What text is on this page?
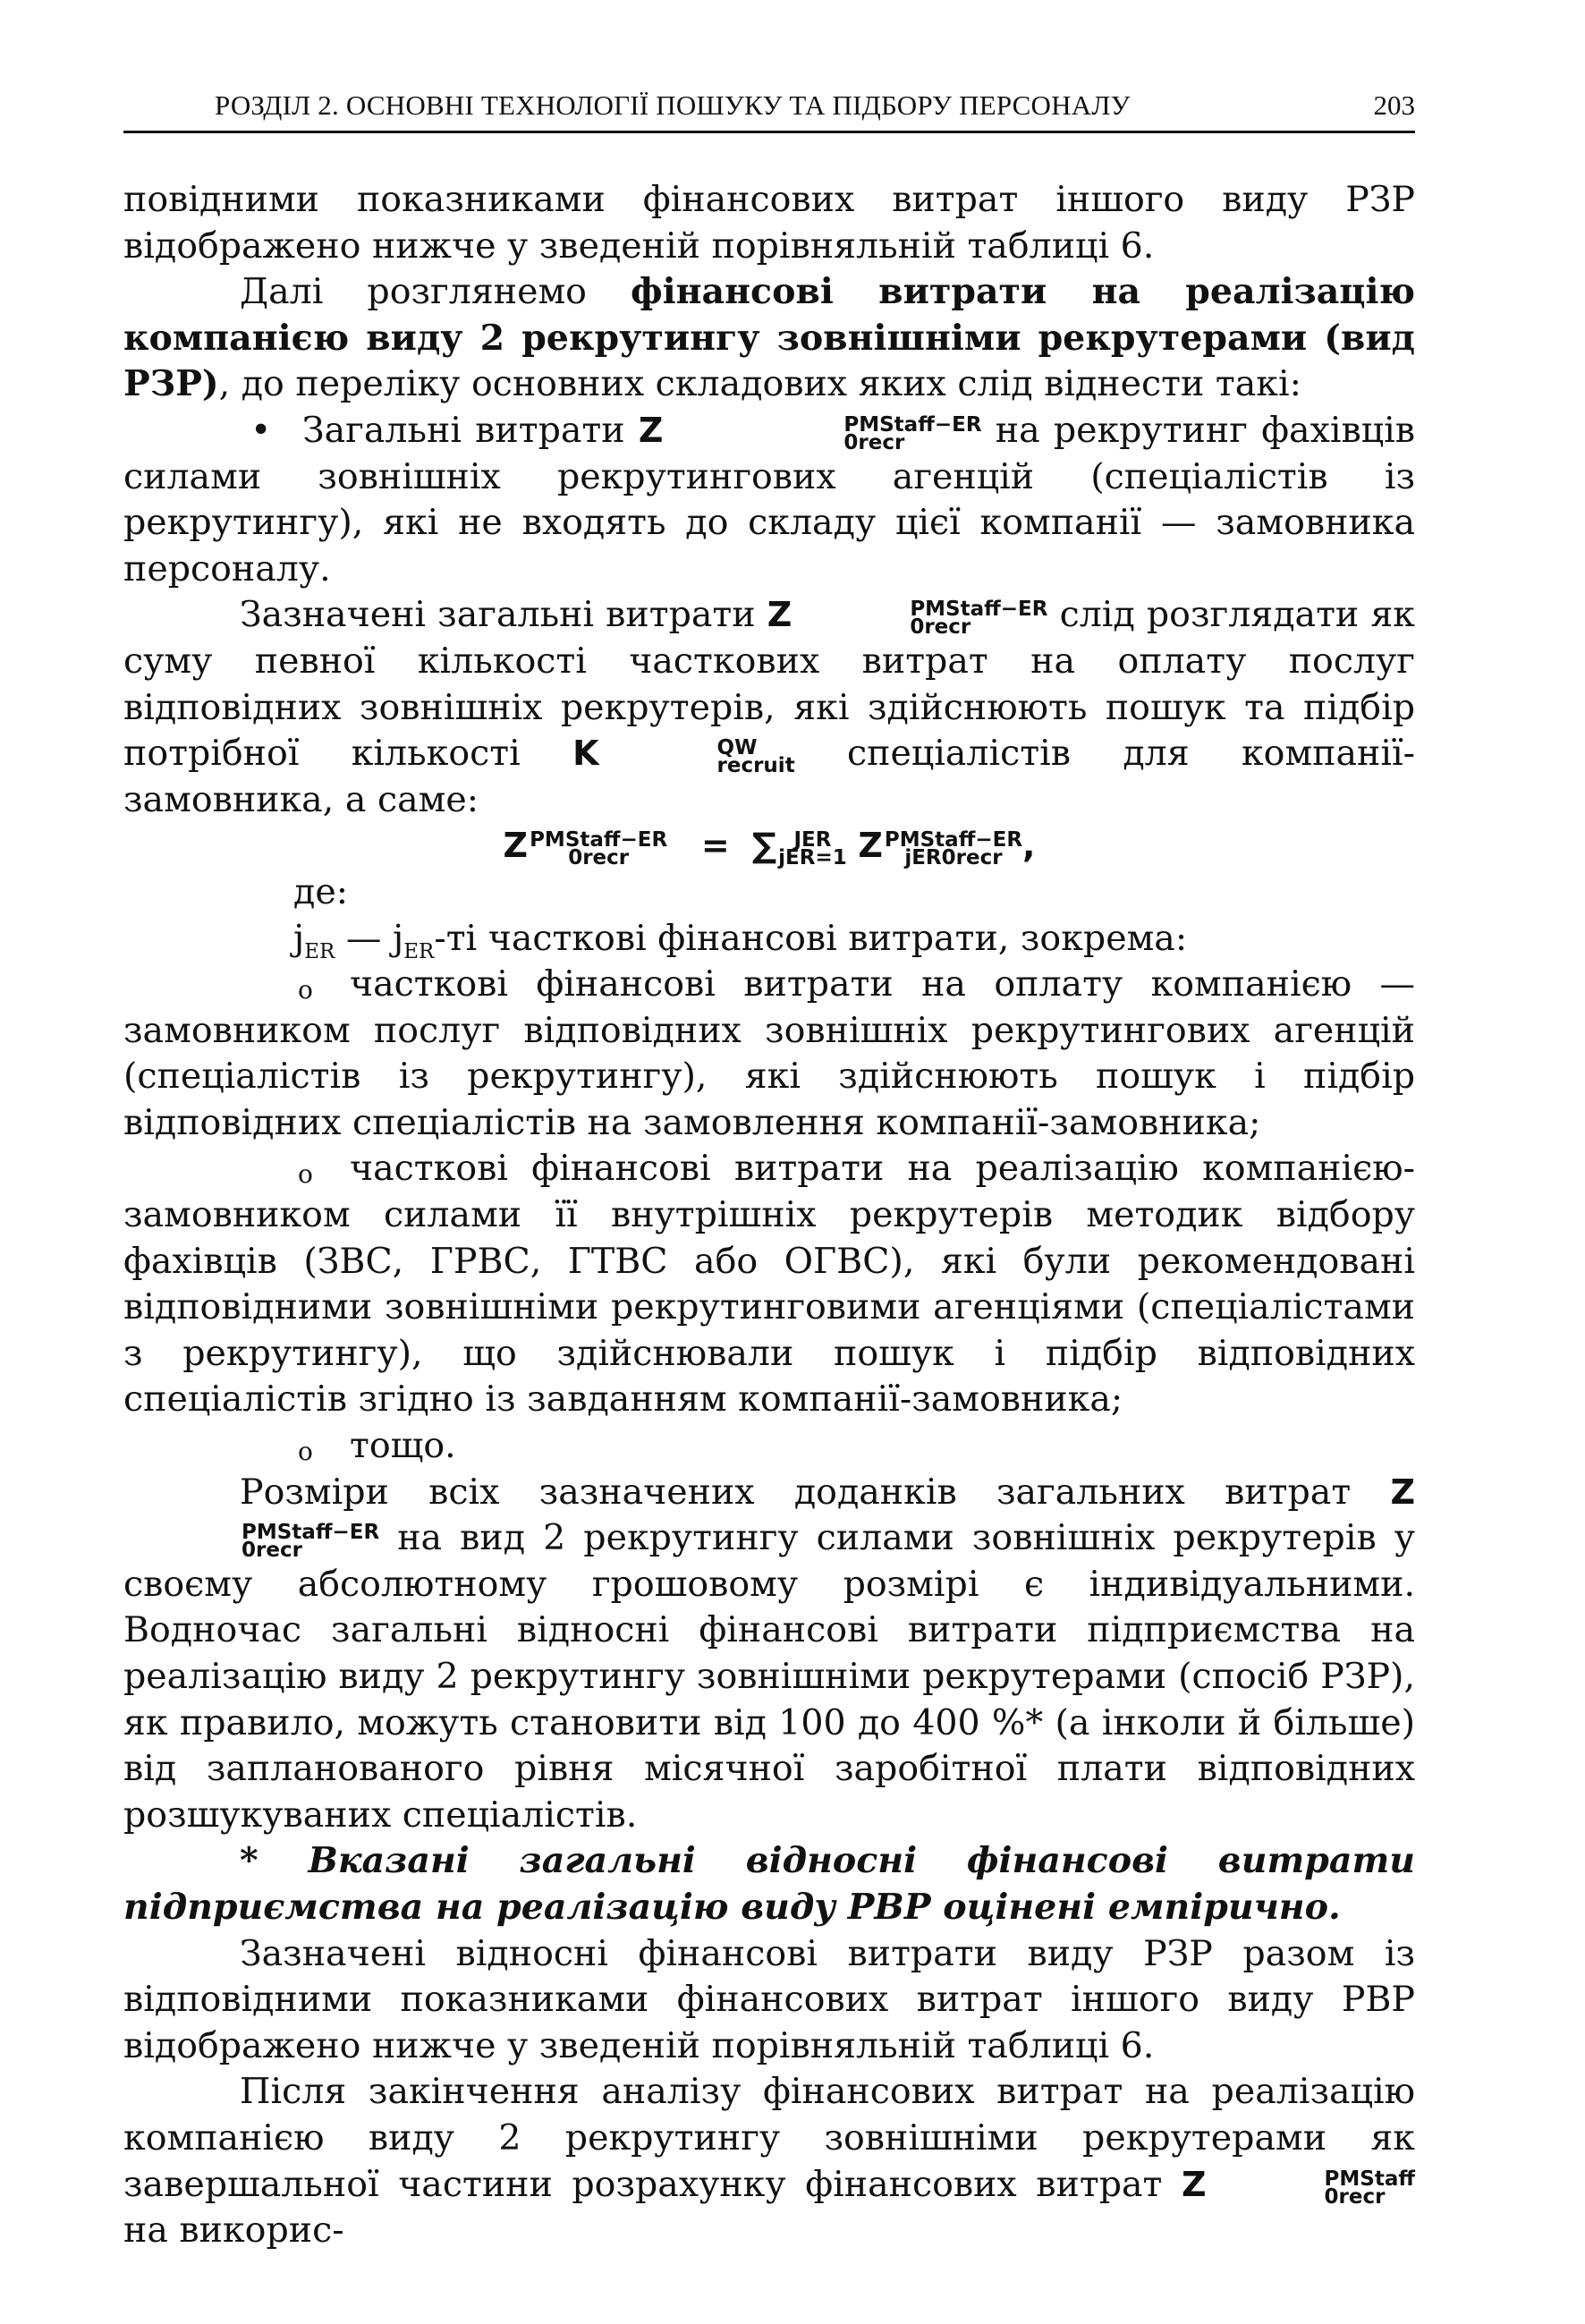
РОЗДІЛ 2. ОСНОВНІ ТЕХНОЛОГІЇ ПОШУКУ ТА ПІДБОРУ ПЕРСОНАЛУ	203

повідними показниками фінансових витрат іншого виду РЗР відображено нижче у зведеній порівняльній таблиці 6.

Далі розглянемо фінансові витрати на реалізацію компанією виду 2 рекрутингу зовнішніми рекрутерами (вид РЗР), до переліку основних складових яких слід віднести такі:

• Загальні витрати Z	PMStaff−ER
0recr	на рекрутинг фахівців силами зовнішніх рекрутингових агенцій (спеціалістів із рекрутингу), які не входять до складу цієї компанії — замовника персоналу.

Зазначені загальні витрати Z	PMStaff−ER
0recr	слід розглядати як суму певної кількості часткових витрат на оплату послуг відповідних зовнішніх рекрутерів, які здійснюють пошук та підбір потрібної кількості K	QW
recruit спеціалістів для компанії-замовника, а саме:

Z PMStaff−ER
0recr	= ∑ JER
jER=1 Z PMStaff−ER
jER0recr ,

де:

$j_{ER}$ — $j_{ER}-ті$ часткові фінансові витрати, зокрема:

o часткові фінансові витрати на оплату компанією — замовником послуг відповідних зовнішніх рекрутингових агенцій (спеціалістів із рекрутингу), які здійснюють пошук і підбір відповідних спеціалістів на замовлення компанії-замовника;

o часткові фінансові витрати на реалізацію компанією-замовником силами її внутрішніх рекрутерів методик відбору фахівців (ЗВС, ГРВС, ГТВС або ОГВС), які були рекомендовані відповідними зовнішніми рекрутинговими агенціями (спеціалістами з рекрутингу), що здійснювали пошук і підбір відповідних спеціалістів згідно із завданням компанії-замовника;

o тощо.

Розміри всіх зазначених доданків загальних витрат Z
PMStaff−ER
0recr	на вид 2 рекрутингу силами зовнішніх рекрутерів у своєму абсолютному грошовому розмірі є індивідуальними. Водночас загальні відносні фінансові витрати підприємства на реалізацію виду 2 рекрутингу зовнішніми рекрутерами (спосіб РЗР), як правило, можуть становити від 100 до 400 %* (а інколи й більше) від запланованого рівня місячної заробітної плати відповідних розшукуваних спеціалістів.

* Вказані загальні відносні фінансові витрати підприємства на реалізацію виду РВР оцінені емпірично.

Зазначені відносні фінансові витрати виду РЗР разом із відповідними показниками фінансових витрат іншого виду РВР відображено нижче у зведеній порівняльній таблиці 6.

Після закінчення аналізу фінансових витрат на реалізацію компанією виду 2 рекрутингу зовнішніми рекрутерами як завершальної частини розрахунку фінансових витрат Z	PMStaff
0recr
на викорис-
